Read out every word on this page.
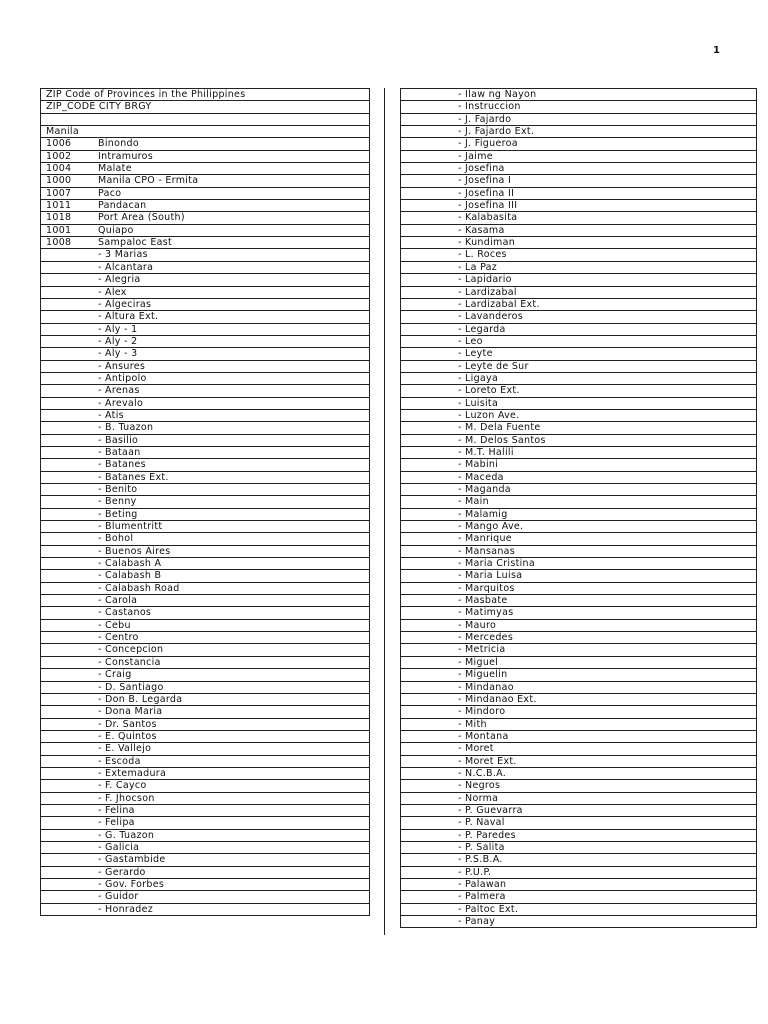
1
ZIP Code of Provinces in the Philippines
ZIP_CODE CITY BRGY
Manila
1006	Binondo
1002	Intramuros
1004	Malate
1000	Manila CPO - Ermita
1007	Paco
1011	Pandacan
1018	Port Area (South)
1001	Quiapo
1008	Sampaloc East
- 3 Marias
- Alcantara
- Alegria
- Alex
- Algeciras
- Altura Ext.
- Aly - 1
- Aly - 2
- Aly - 3
- Ansures
- Antipolo
- Arenas
- Arevalo
- Atis
- B. Tuazon
- Basilio
- Bataan
- Batanes
- Batanes Ext.
- Benito
- Benny
- Beting
- Blumentritt
- Bohol
- Buenos Aires
- Calabash A
- Calabash B
- Calabash Road
- Carola
- Castanos
- Cebu
- Centro
- Concepcion
- Constancia
- Craig
- D. Santiago
- Don B. Legarda
- Dona Maria
- Dr. Santos
- E. Quintos
- E. Vallejo
- Escoda
- Extemadura
- F. Cayco
- F. Jhocson
- Felina
- Felipa
- G. Tuazon
- Galicia
- Gastambide
- Gerardo
- Gov. Forbes
- Guidor
- Honradez
- Ilaw ng Nayon
- Instruccion
- J. Fajardo
- J. Fajardo Ext.
- J. Figueroa
- Jaime
- Josefina
- Josefina I
- Josefina II
- Josefina III
- Kalabasita
- Kasama
- Kundiman
- L. Roces
- La Paz
- Lapidario
- Lardizabal
- Lardizabal Ext.
- Lavanderos
- Legarda
- Leo
- Leyte
- Leyte de Sur
- Ligaya
- Loreto Ext.
- Luisita
- Luzon Ave.
- M. Dela Fuente
- M. Delos Santos
- M.T. Halili
- Mabini
- Maceda
- Maganda
- Main
- Malamig
- Mango Ave.
- Manrique
- Mansanas
- Maria Cristina
- Maria Luisa
- Marquitos
- Masbate
- Matimyas
- Mauro
- Mercedes
- Metricia
- Miguel
- Miguelin
- Mindanao
- Mindanao Ext.
- Mindoro
- Mith
- Montana
- Moret
- Moret Ext.
- N.C.B.A.
- Negros
- Norma
- P. Guevarra
- P. Naval
- P. Paredes
- P. Salita
- P.S.B.A.
- P.U.P.
- Palawan
- Palmera
- Paltoc Ext.
- Panay
